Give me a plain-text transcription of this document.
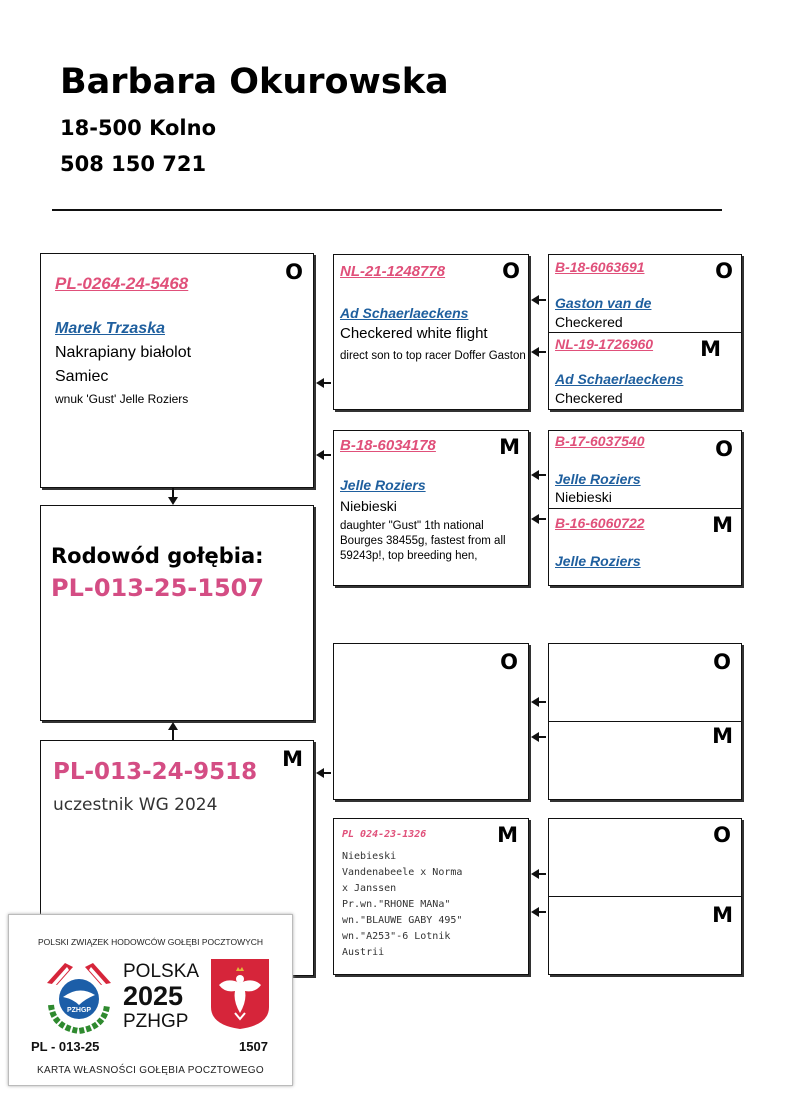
Barbara Okurowska
18-500 Kolno
508 150 721
O
PL-0264-24-5468
Marek Trzaska
Nakrapiany białolot
Samiec
wnuk 'Gust' Jelle Roziers
Rodowód gołębia:
PL-013-25-1507
M
PL-013-24-9518
uczestnik WG 2024
O
NL-21-1248778
Ad Schaerlaeckens
Checkered white flight
direct son to top racer Doffer Gaston
M
B-18-6034178
Jelle Roziers
Niebieski
daughter "Gust" 1th national Bourges 38455g, fastest from all 59243p!, top breeding hen,
O
M
PL 024-23-1326
Niebieski
Vandenabeele x Norma
x Janssen
Pr.wn."RHONE MANa"
wn."BLAUWE GABY 495"
wn."A253"-6 Lotnik
Austrii
B-18-6063691	O
Gaston van de
Checkered
NL-19-1726960 M
Ad Schaerlaeckens
Checkered
B-17-6037540	O
Jelle Roziers
Niebieski
B-16-6060722	M
Jelle Roziers
O
M
O
M
POLSKI ZWIĄZEK HODOWCÓW GOŁĘBI POCZTOWYCH
PZHGP
POLSKA
2025
PZHGP
PL - 013-25	1507
KARTA WŁASNOŚCI GOŁĘBIA POCZTOWEGO
